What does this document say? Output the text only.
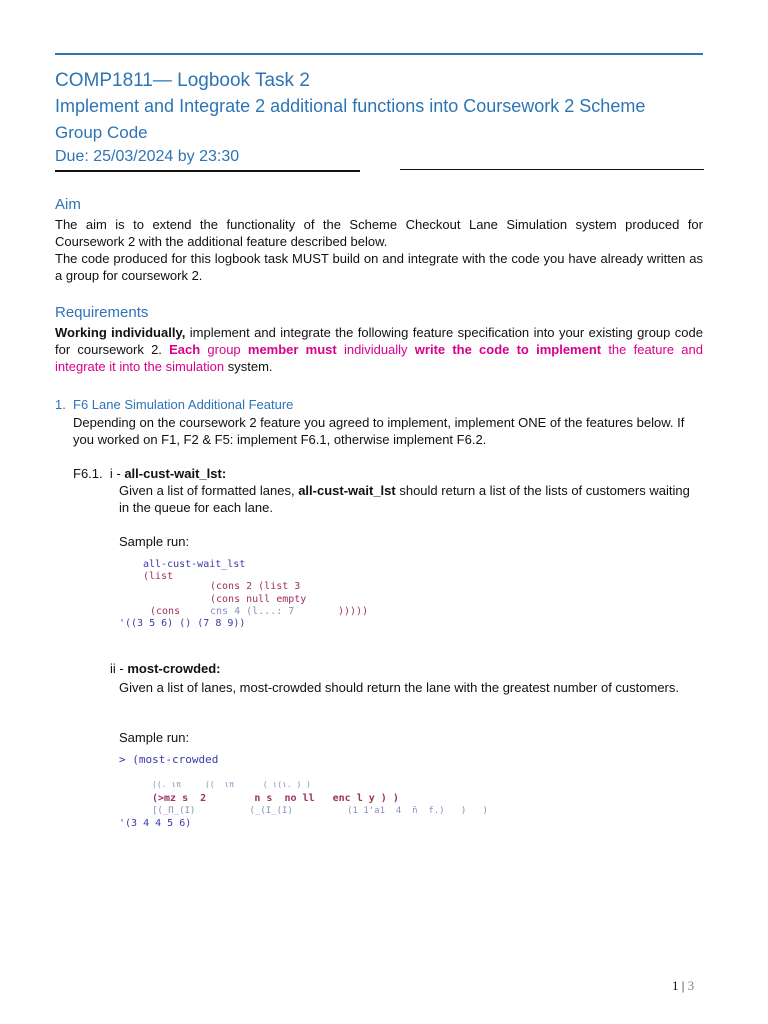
COMP1811— Logbook Task 2
Implement and Integrate 2 additional functions into Coursework 2 Scheme
Group Code
Due: 25/03/2024 by 23:30
Aim

The aim is to extend the functionality of the Scheme Checkout Lane Simulation system produced for Coursework 2 with the additional feature described below.

The code produced for this logbook task MUST build on and integrate with the code you have already written as a group for coursework 2.

Requirements

Working individually, implement and integrate the following feature specification into your existing group code for coursework 2. Each group member must individually write the code to implement the feature and integrate it into the simulation system.

1. F6 Lane Simulation Additional Feature
Depending on the coursework 2 feature you agreed to implement, implement ONE of the features below. If you worked on F1, F2 & F5: implement F6.1, otherwise implement F6.2.
F6.1. i - all-cust-wait_lst:
Given a list of formatted lanes, all-cust-wait_lst should return a list of the lists of customers waiting in the queue for each lane.
Sample run:
all-cust-wait_lst
(list
(cons 2 (list 3
(cons null empty
(cons	cns 4 (l...: 7	)))))
'((3 5 6) () (7 8 9))
ii - most-crowded:
Given a list of lanes, most-crowded should return the lane with the greatest number of customers.
Sample run:
> (most-crowded
((. ιπ     ((  ιπ      ( ι(ι. ) )
(>mz s  2        n s  no ll   enc l y ) )
[(_Π_(Ι)          (_(Ι_(Ι)          (1 1'a1  4  ñ  f.)   )   )
'(3 4 4 5 6)
1 | 3
